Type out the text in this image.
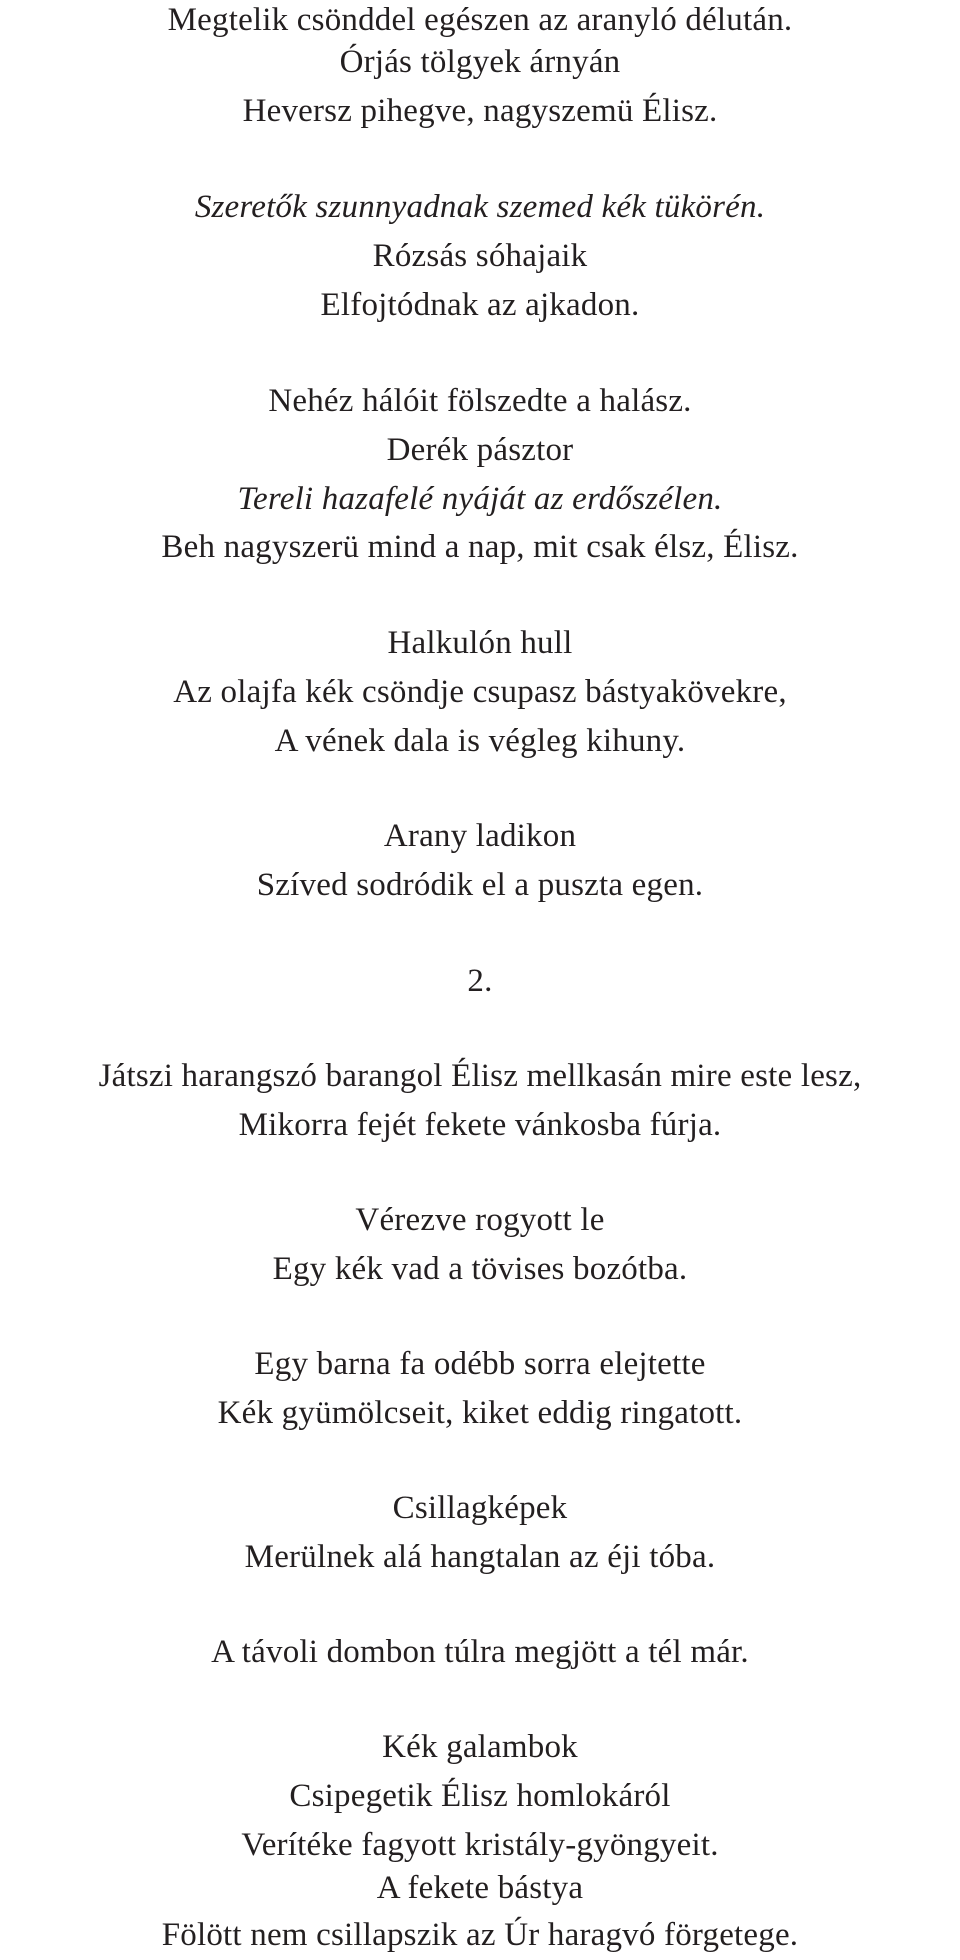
Megtelik csönddel egészen az aranyló délután.
Órjás tölgyek árnyán
Heversz pihegve, nagyszemü Élisz.
Szeretők szunnyadnak szemed kék tükörén.
Rózsás sóhajaik
Elfojtódnak az ajkadon.
Nehéz hálóit fölszedte a halász.
Derék pásztor
Tereli hazafelé nyáját az erdőszélen.
Beh nagyszerü mind a nap, mit csak élsz, Élisz.
Halkulón hull
Az olajfa kék csöndje csupasz bástyakövekre,
A vének dala is végleg kihuny.
Arany ladikon
Szíved sodródik el a puszta egen.
2.
Játszi harangszó barangol Élisz mellkasán mire este lesz,
Mikorra fejét fekete vánkosba fúrja.
Vérezve rogyott le
Egy kék vad a tövises bozótba.
Egy barna fa odébb sorra elejtette
Kék gyümölcseit, kiket eddig ringatott.
Csillagképek
Merülnek alá hangtalan az éji tóba.
A távoli dombon túlra megjött a tél már.
Kék galambok
Csipegetik Élisz homlokáról
Verítéke fagyott kristály-gyöngyeit.
A fekete bástya
Fölött nem csillapszik az Úr haragvó förgetege.
